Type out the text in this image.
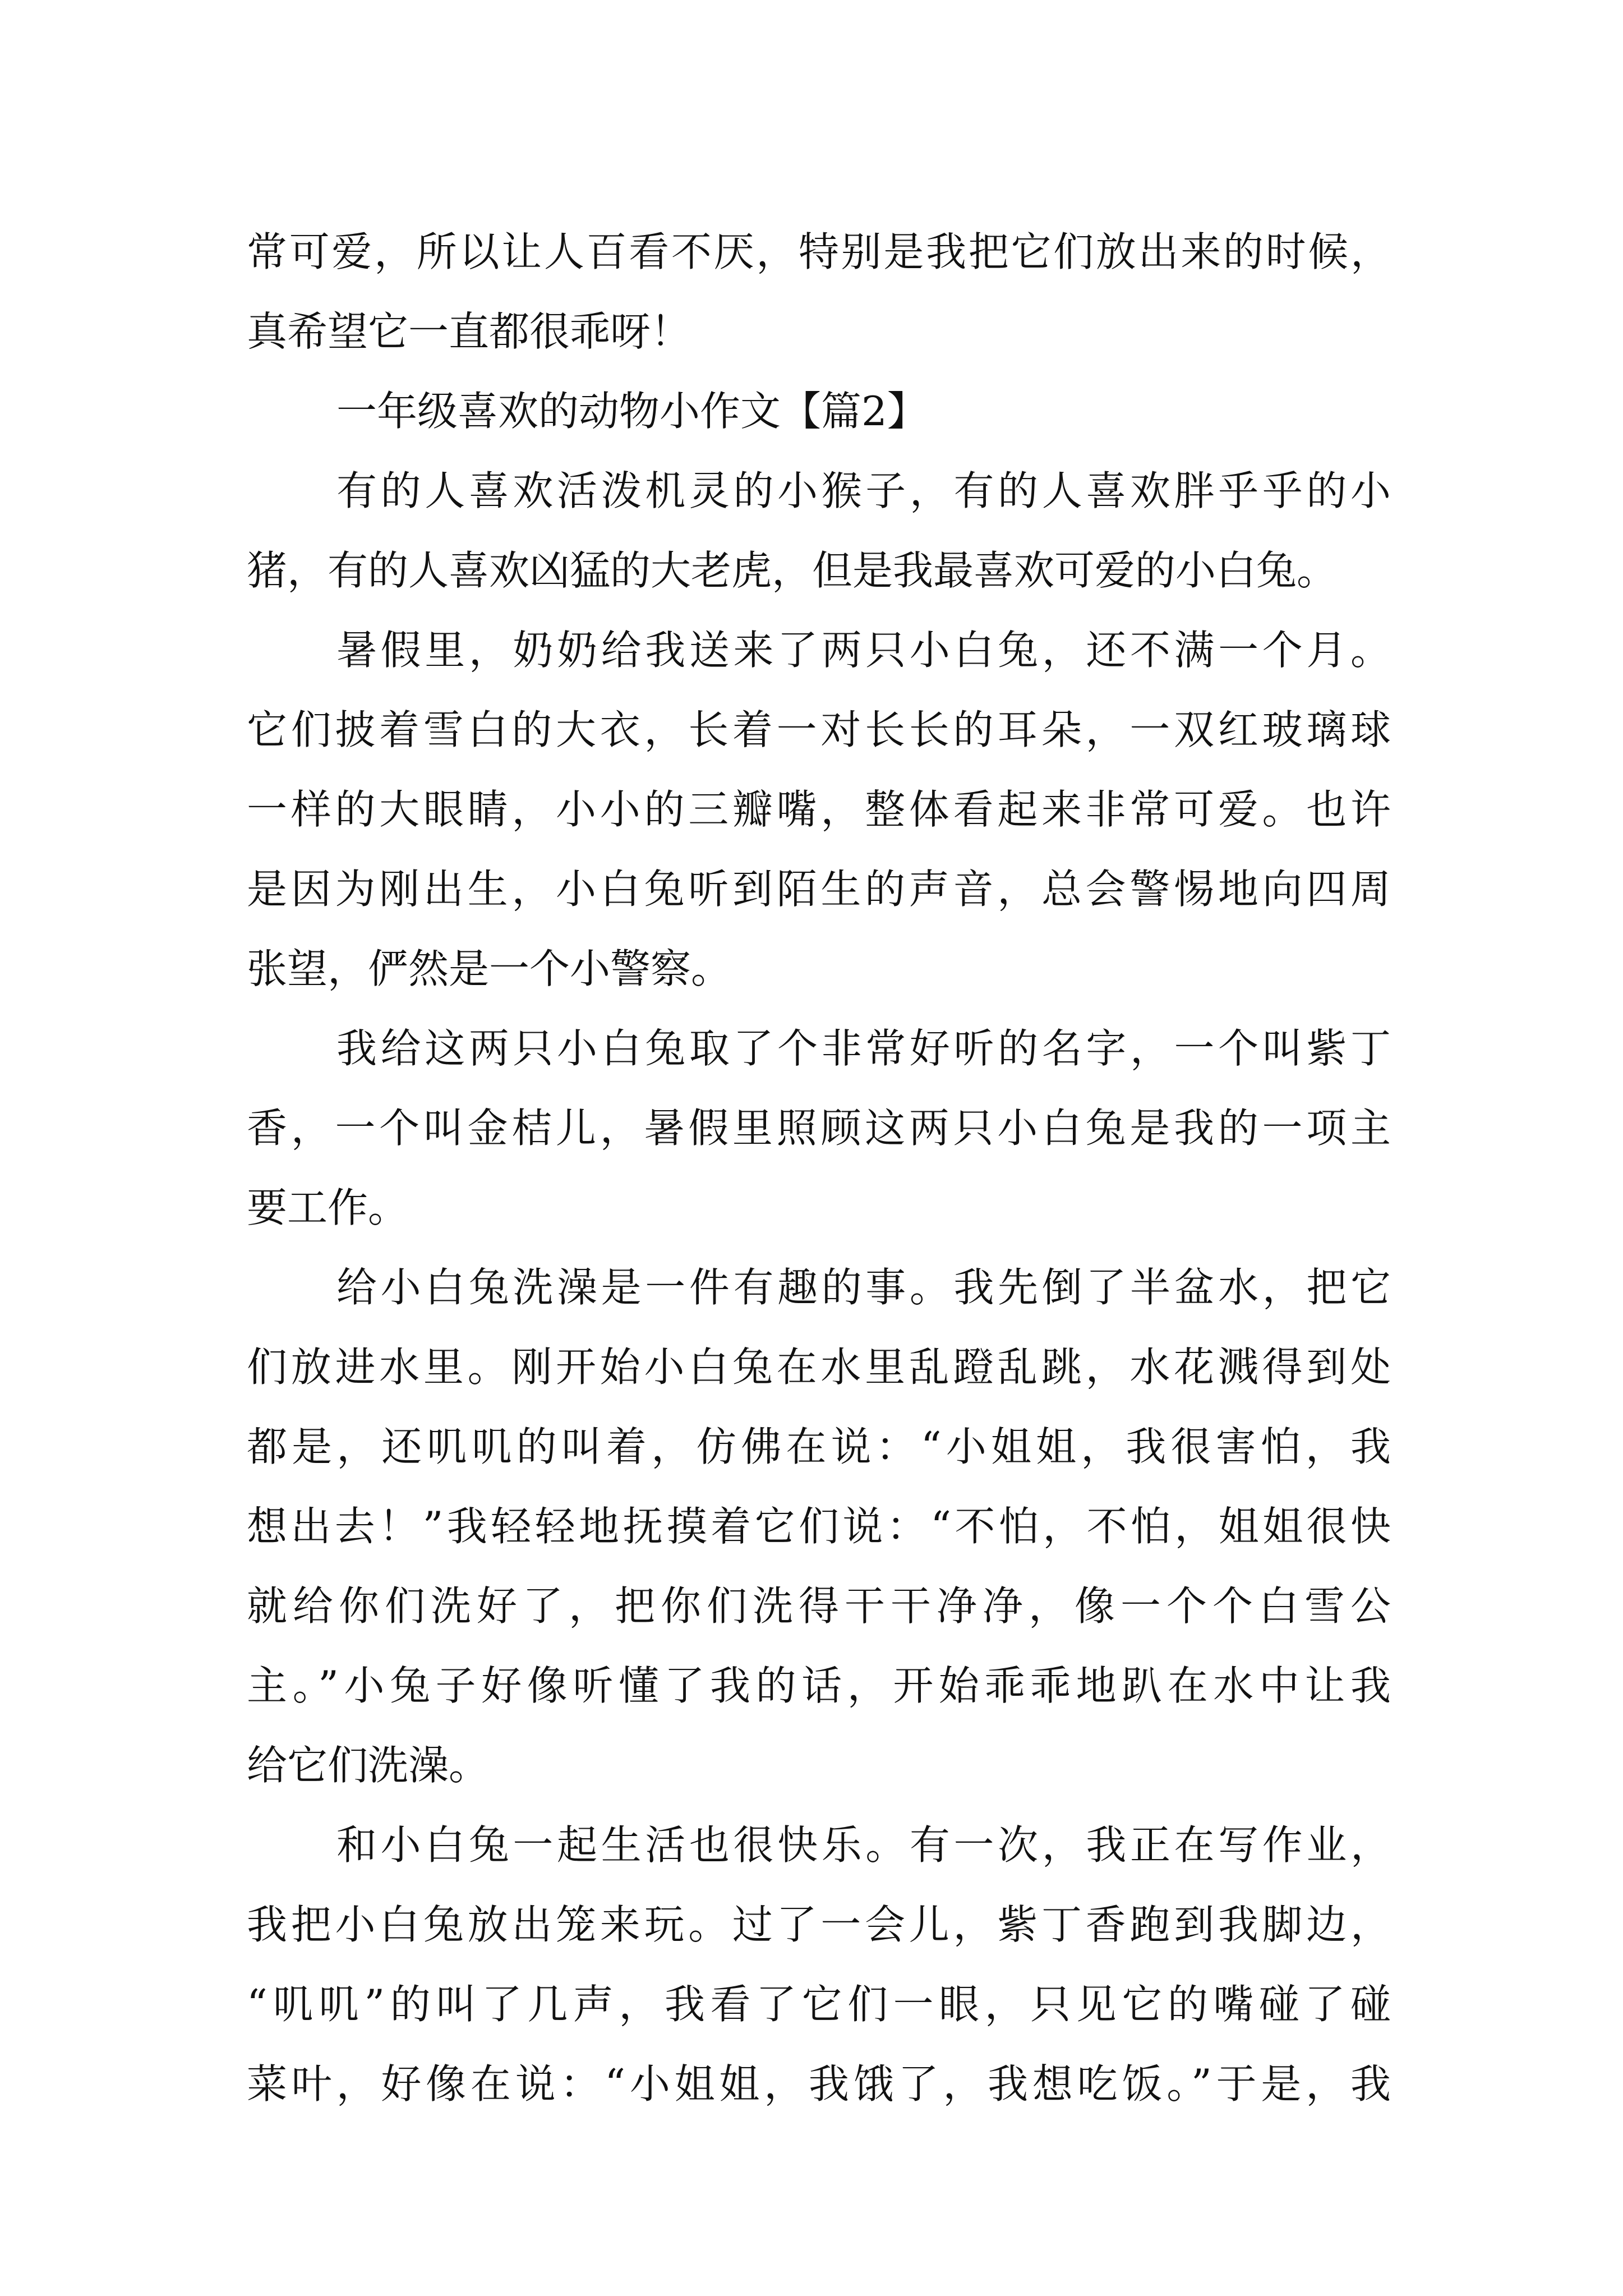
常可爱，所以让人百看不厌，特别是我把它们放出来的时候，
真希望它一直都很乖呀！
一年级喜欢的动物小作文【篇2】
有的人喜欢活泼机灵的小猴子，有的人喜欢胖乎乎的小
猪，有的人喜欢凶猛的大老虎，但是我最喜欢可爱的小白兔。
暑假里，奶奶给我送来了两只小白兔，还不满一个月。
它们披着雪白的大衣，长着一对长长的耳朵，一双红玻璃球
一样的大眼睛，小小的三瓣嘴，整体看起来非常可爱。也许
是因为刚出生，小白兔听到陌生的声音，总会警惕地向四周
张望，俨然是一个小警察。
我给这两只小白兔取了个非常好听的名字，一个叫紫丁
香，一个叫金桔儿，暑假里照顾这两只小白兔是我的一项主
要工作。
给小白兔洗澡是一件有趣的事。我先倒了半盆水，把它
们放进水里。刚开始小白兔在水里乱蹬乱跳，水花溅得到处
都是，还叽叽的叫着，仿佛在说：“小姐姐，我很害怕，我
想出去！”我轻轻地抚摸着它们说：“不怕，不怕，姐姐很快
就给你们洗好了，把你们洗得干干净净，像一个个白雪公
主。”小兔子好像听懂了我的话，开始乖乖地趴在水中让我
给它们洗澡。
和小白兔一起生活也很快乐。有一次，我正在写作业，
我把小白兔放出笼来玩。过了一会儿，紫丁香跑到我脚边，
“叽叽”的叫了几声，我看了它们一眼，只见它的嘴碰了碰
菜叶，好像在说：“小姐姐，我饿了，我想吃饭。”于是，我
